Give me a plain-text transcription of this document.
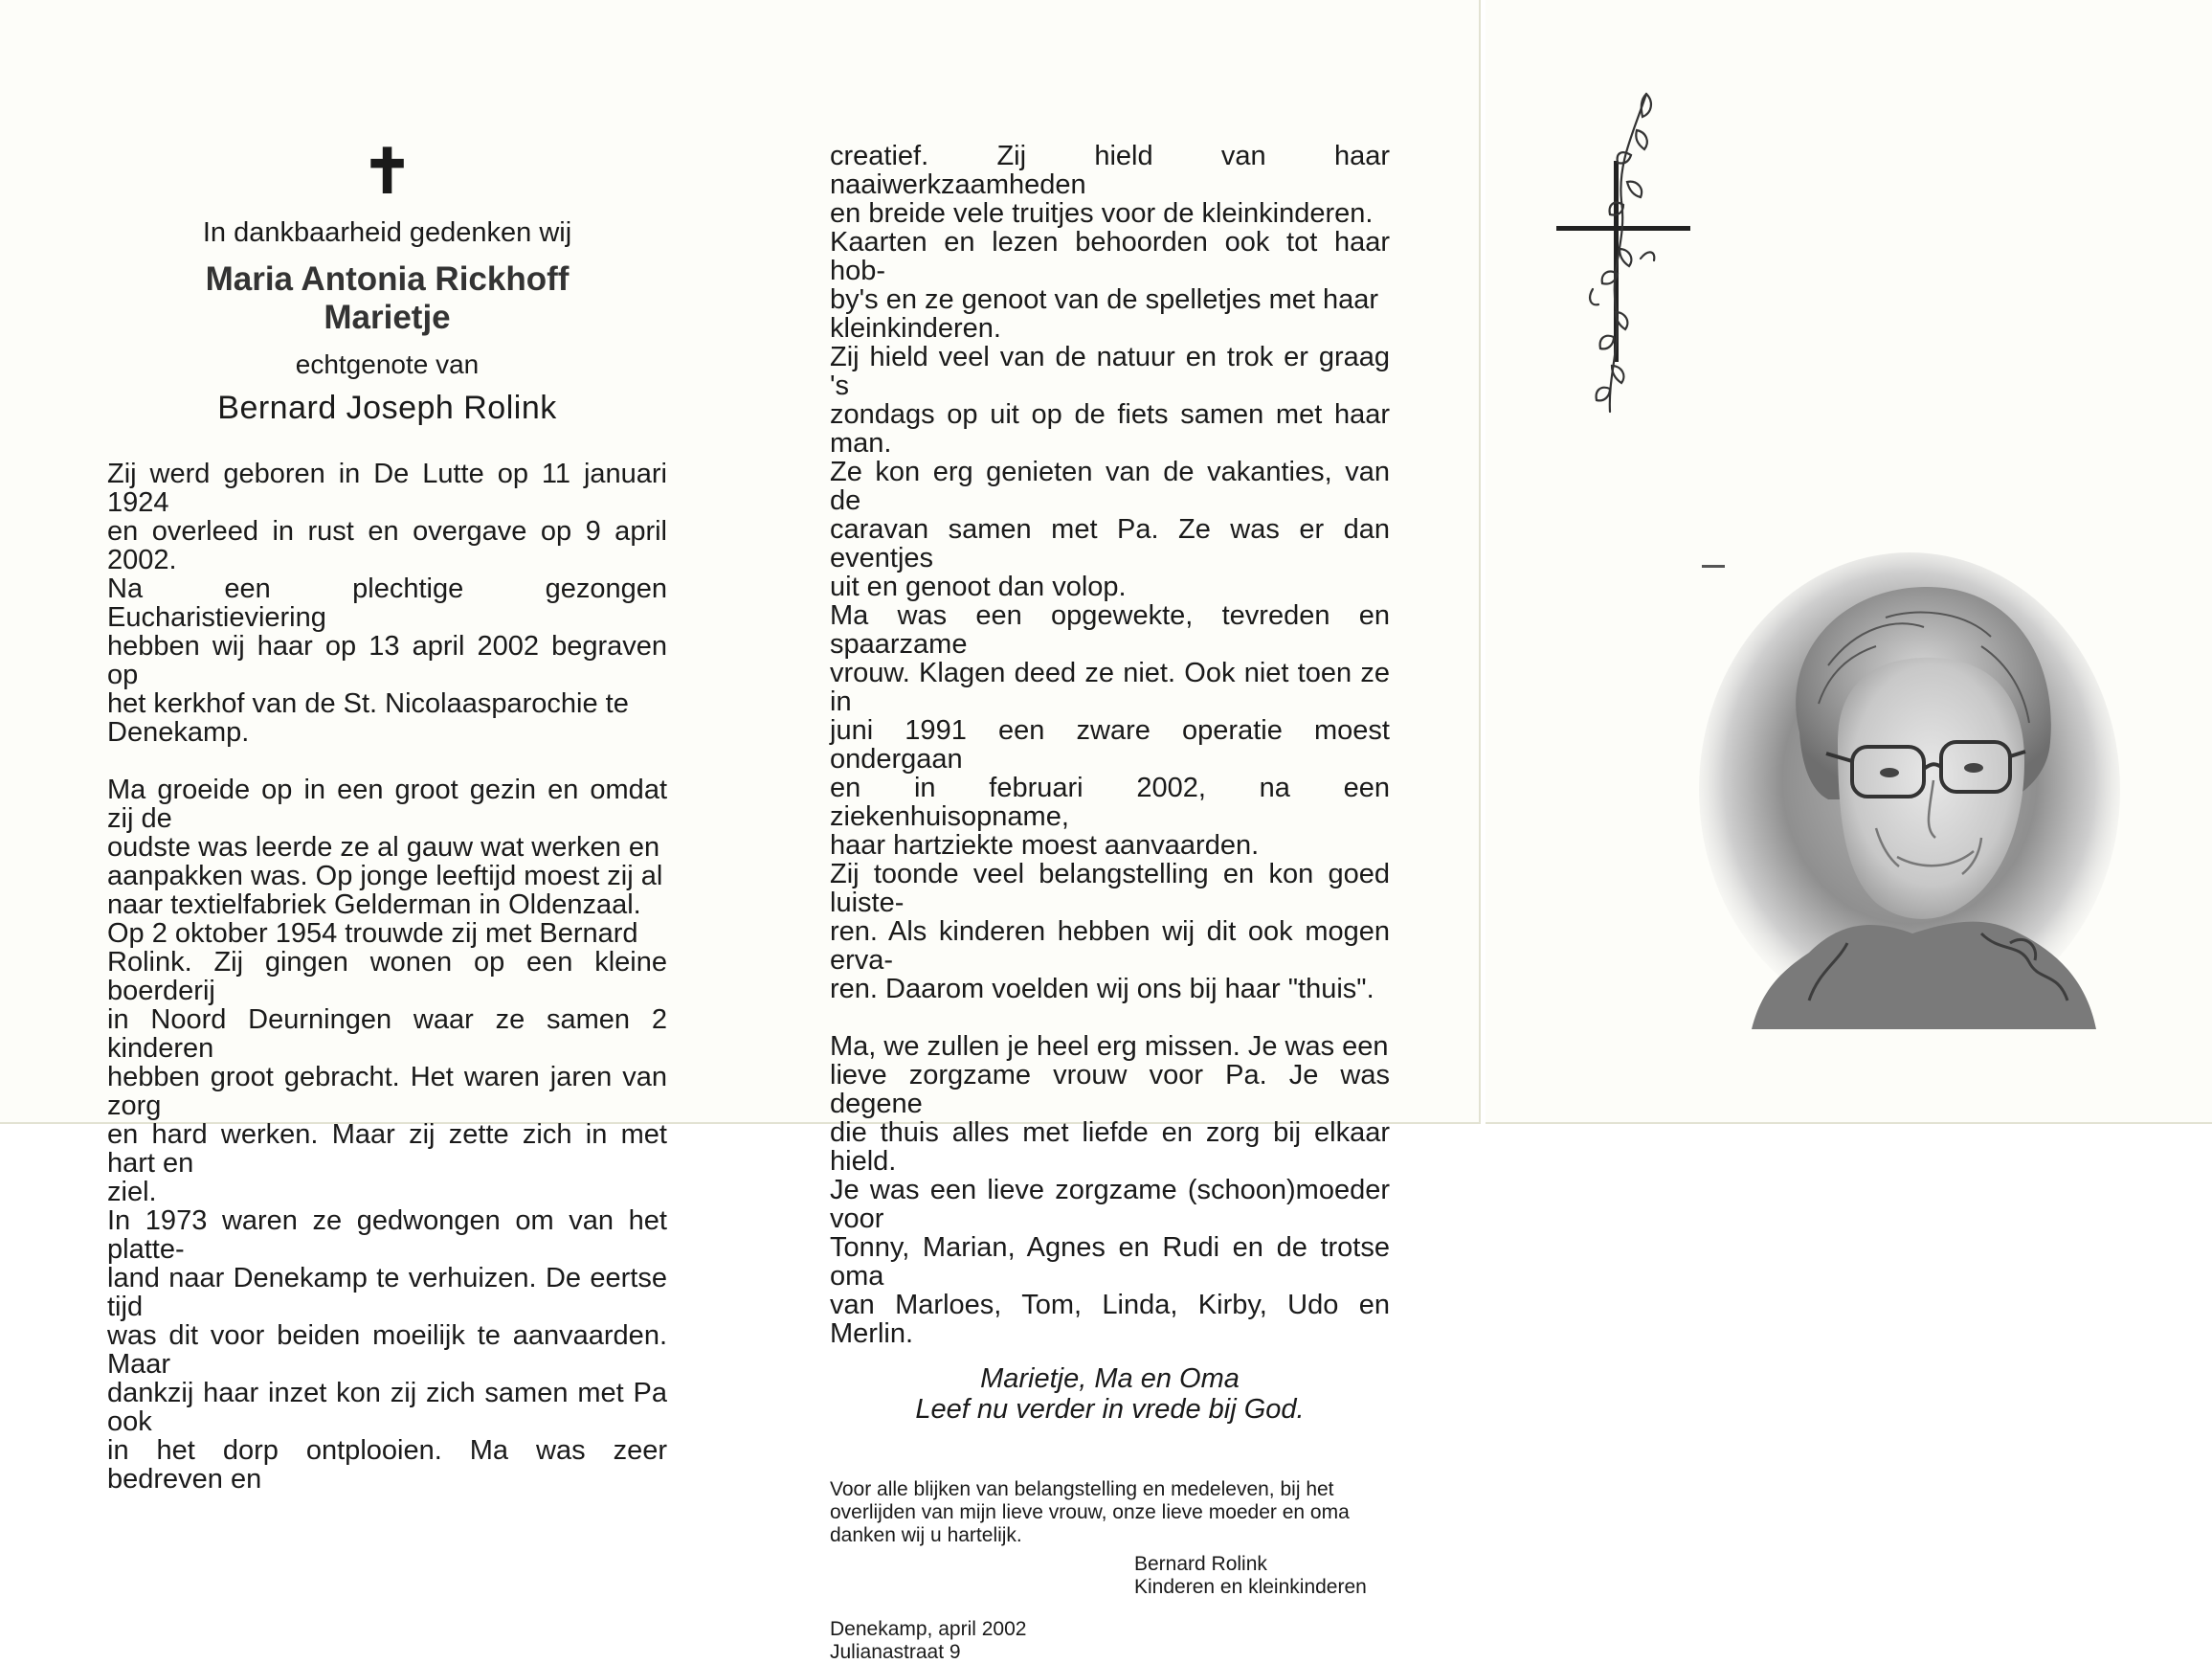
✝
In dankbaarheid gedenken wij
Maria Antonia Rickhoff
Marietje
echtgenote van
Bernard Joseph Rolink

Zij werd geboren in De Lutte op 11 januari 1924

en overleed in rust en overgave op 9 april 2002.

Na een plechtige gezongen Eucharistieviering

hebben wij haar op 13 april 2002 begraven op

het kerkhof van de St. Nicolaasparochie te

Denekamp.

Ma groeide op in een groot gezin en omdat zij de

oudste was leerde ze al gauw wat werken en

aanpakken was. Op jonge leeftijd moest zij al

naar textielfabriek Gelderman in Oldenzaal.

Op 2 oktober 1954 trouwde zij met Bernard

Rolink. Zij gingen wonen op een kleine boerderij

in Noord Deurningen waar ze samen 2 kinderen

hebben groot gebracht. Het waren jaren van zorg

en hard werken. Maar zij zette zich in met hart en

ziel.

In 1973 waren ze gedwongen om van het platte-

land naar Denekamp te verhuizen. De eertse tijd

was dit voor beiden moeilijk te aanvaarden. Maar

dankzij haar inzet kon zij zich samen met Pa ook

in het dorp ontplooien. Ma was zeer bedreven en

creatief. Zij hield van haar naaiwerkzaamheden

en breide vele truitjes voor de kleinkinderen.

Kaarten en lezen behoorden ook tot haar hob-

by's en ze genoot van de spelletjes met haar

kleinkinderen.

Zij hield veel van de natuur en trok er graag 's

zondags op uit op de fiets samen met haar man.

Ze kon erg genieten van de vakanties, van de

caravan samen met Pa. Ze was er dan eventjes

uit en genoot dan volop.

Ma was een opgewekte, tevreden en spaarzame

vrouw. Klagen deed ze niet. Ook niet toen ze in

juni 1991 een zware operatie moest ondergaan

en in februari 2002, na een ziekenhuisopname,

haar hartziekte moest aanvaarden.

Zij toonde veel belangstelling en kon goed luiste-

ren. Als kinderen hebben wij dit ook mogen erva-

ren. Daarom voelden wij ons bij haar "thuis".

Ma, we zullen je heel erg missen. Je was een

lieve zorgzame vrouw voor Pa. Je was degene

die thuis alles met liefde en zorg bij elkaar hield.

Je was een lieve zorgzame (schoon)moeder voor

Tonny, Marian, Agnes en Rudi en de trotse oma

van Marloes, Tom, Linda, Kirby, Udo en Merlin.

Marietje, Ma en Oma

Leef nu verder in vrede bij God.

Voor alle blijken van belangstelling en medeleven, bij het

overlijden van mijn lieve vrouw, onze lieve moeder en oma

danken wij u hartelijk.

Bernard Rolink

Kinderen en kleinkinderen

Denekamp, april 2002

Julianastraat 9
